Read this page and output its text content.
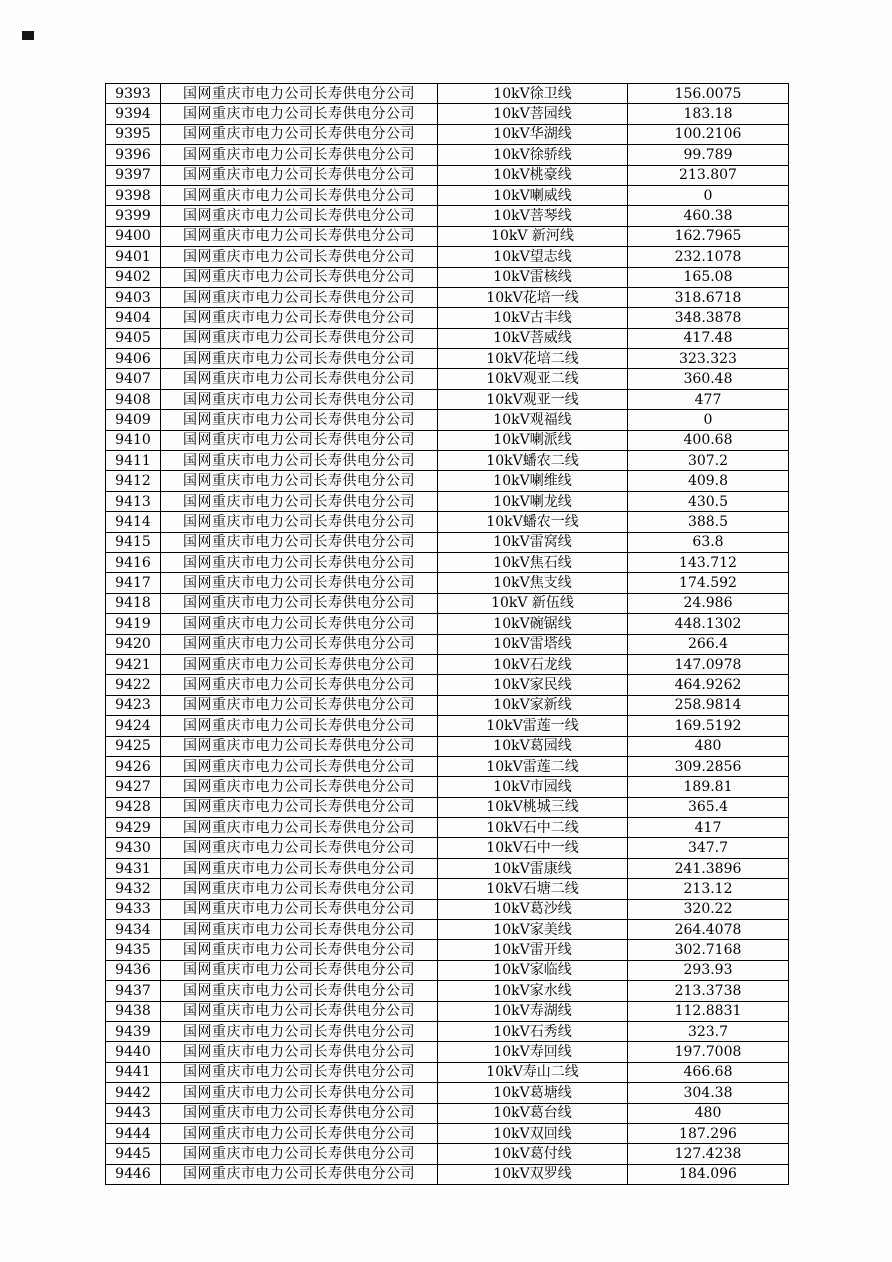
9393	国网重庆市电力公司长寿供电分公司	10kV徐卫线	156.0075
9394	国网重庆市电力公司长寿供电分公司	10kV菩园线	183.18
9395	国网重庆市电力公司长寿供电分公司	10kV华湖线	100.2106
9396	国网重庆市电力公司长寿供电分公司	10kV徐骄线	99.789
9397	国网重庆市电力公司长寿供电分公司	10kV桃豪线	213.807
9398	国网重庆市电力公司长寿供电分公司	10kV喇威线	0
9399	国网重庆市电力公司长寿供电分公司	10kV菩琴线	460.38
9400	国网重庆市电力公司长寿供电分公司	10kV 新河线	162.7965
9401	国网重庆市电力公司长寿供电分公司	10kV望志线	232.1078
9402	国网重庆市电力公司长寿供电分公司	10kV雷核线	165.08
9403	国网重庆市电力公司长寿供电分公司	10kV花培一线	318.6718
9404	国网重庆市电力公司长寿供电分公司	10kV古丰线	348.3878
9405	国网重庆市电力公司长寿供电分公司	10kV菩威线	417.48
9406	国网重庆市电力公司长寿供电分公司	10kV花培二线	323.323
9407	国网重庆市电力公司长寿供电分公司	10kV观亚二线	360.48
9408	国网重庆市电力公司长寿供电分公司	10kV观亚一线	477
9409	国网重庆市电力公司长寿供电分公司	10kV观福线	0
9410	国网重庆市电力公司长寿供电分公司	10kV喇派线	400.68
9411	国网重庆市电力公司长寿供电分公司	10kV蟠农二线	307.2
9412	国网重庆市电力公司长寿供电分公司	10kV喇维线	409.8
9413	国网重庆市电力公司长寿供电分公司	10kV喇龙线	430.5
9414	国网重庆市电力公司长寿供电分公司	10kV蟠农一线	388.5
9415	国网重庆市电力公司长寿供电分公司	10kV雷窝线	63.8
9416	国网重庆市电力公司长寿供电分公司	10kV焦石线	143.712
9417	国网重庆市电力公司长寿供电分公司	10kV焦支线	174.592
9418	国网重庆市电力公司长寿供电分公司	10kV 新伍线	24.986
9419	国网重庆市电力公司长寿供电分公司	10kV碗锯线	448.1302
9420	国网重庆市电力公司长寿供电分公司	10kV雷塔线	266.4
9421	国网重庆市电力公司长寿供电分公司	10kV石龙线	147.0978
9422	国网重庆市电力公司长寿供电分公司	10kV家民线	464.9262
9423	国网重庆市电力公司长寿供电分公司	10kV家新线	258.9814
9424	国网重庆市电力公司长寿供电分公司	10kV雷莲一线	169.5192
9425	国网重庆市电力公司长寿供电分公司	10kV葛园线	480
9426	国网重庆市电力公司长寿供电分公司	10kV雷莲二线	309.2856
9427	国网重庆市电力公司长寿供电分公司	10kV市园线	189.81
9428	国网重庆市电力公司长寿供电分公司	10kV桃城三线	365.4
9429	国网重庆市电力公司长寿供电分公司	10kV石中二线	417
9430	国网重庆市电力公司长寿供电分公司	10kV石中一线	347.7
9431	国网重庆市电力公司长寿供电分公司	10kV雷康线	241.3896
9432	国网重庆市电力公司长寿供电分公司	10kV石塘二线	213.12
9433	国网重庆市电力公司长寿供电分公司	10kV葛沙线	320.22
9434	国网重庆市电力公司长寿供电分公司	10kV家美线	264.4078
9435	国网重庆市电力公司长寿供电分公司	10kV雷开线	302.7168
9436	国网重庆市电力公司长寿供电分公司	10kV家临线	293.93
9437	国网重庆市电力公司长寿供电分公司	10kV家水线	213.3738
9438	国网重庆市电力公司长寿供电分公司	10kV寿湖线	112.8831
9439	国网重庆市电力公司长寿供电分公司	10kV石秀线	323.7
9440	国网重庆市电力公司长寿供电分公司	10kV寿回线	197.7008
9441	国网重庆市电力公司长寿供电分公司	10kV寿山二线	466.68
9442	国网重庆市电力公司长寿供电分公司	10kV葛塘线	304.38
9443	国网重庆市电力公司长寿供电分公司	10kV葛台线	480
9444	国网重庆市电力公司长寿供电分公司	10kV双回线	187.296
9445	国网重庆市电力公司长寿供电分公司	10kV葛付线	127.4238
9446	国网重庆市电力公司长寿供电分公司	10kV双罗线	184.096
